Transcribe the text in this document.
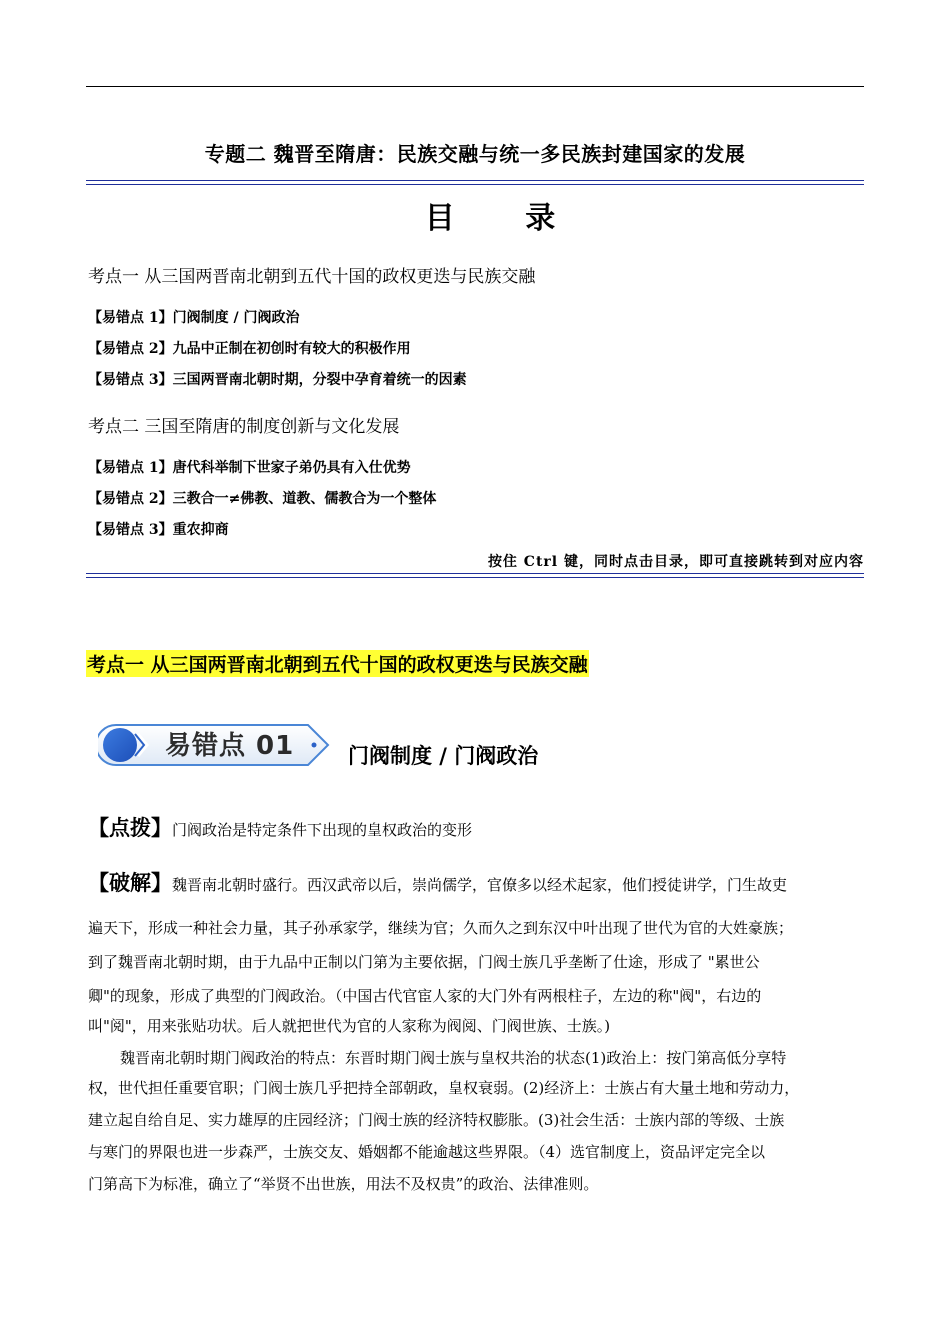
专题二 魏晋至隋唐：民族交融与统一多民族封建国家的发展
目 录
考点一 从三国两晋南北朝到五代十国的政权更迭与民族交融
【易错点 1】门阀制度 / 门阀政治
【易错点 2】九品中正制在初创时有较大的积极作用
【易错点 3】三国两晋南北朝时期，分裂中孕育着统一的因素
考点二 三国至隋唐的制度创新与文化发展
【易错点 1】唐代科举制下世家子弟仍具有入仕优势
【易错点 2】三教合一≠佛教、道教、儒教合为一个整体
【易错点 3】重农抑商
按住 Ctrl 键，同时点击目录，即可直接跳转到对应内容
考点一 从三国两晋南北朝到五代十国的政权更迭与民族交融
易错点 01	门阀制度 / 门阀政治
【点拨】门阀政治是特定条件下出现的皇权政治的变形
【破解】魏晋南北朝时盛行。西汉武帝以后，崇尚儒学，官僚多以经术起家，他们授徒讲学，门生故吏
遍天下，形成一种社会力量，其子孙承家学，继续为官；久而久之到东汉中叶出现了世代为官的大姓豪族；
到了魏晋南北朝时期，由于九品中正制以门第为主要依据，门阀士族几乎垄断了仕途，形成了 "累世公
卿"的现象，形成了典型的门阀政治。（中国古代官宦人家的大门外有两根柱子，左边的称"阀"，右边的
叫"阅"，用来张贴功状。后人就把世代为官的人家称为阀阅、门阀世族、士族。)
魏晋南北朝时期门阀政治的特点：东晋时期门阀士族与皇权共治的状态(1)政治上：按门第高低分享特
权，世代担任重要官职；门阀士族几乎把持全部朝政，皇权衰弱。(2)经济上：士族占有大量土地和劳动力，
建立起自给自足、实力雄厚的庄园经济；门阀士族的经济特权膨胀。(3)社会生活：士族内部的等级、士族
与寒门的界限也进一步森严，士族交友、婚姻都不能逾越这些界限。（4）选官制度上，资品评定完全以
门第高下为标准，确立了“举贤不出世族，用法不及权贵”的政治、法律准则。
